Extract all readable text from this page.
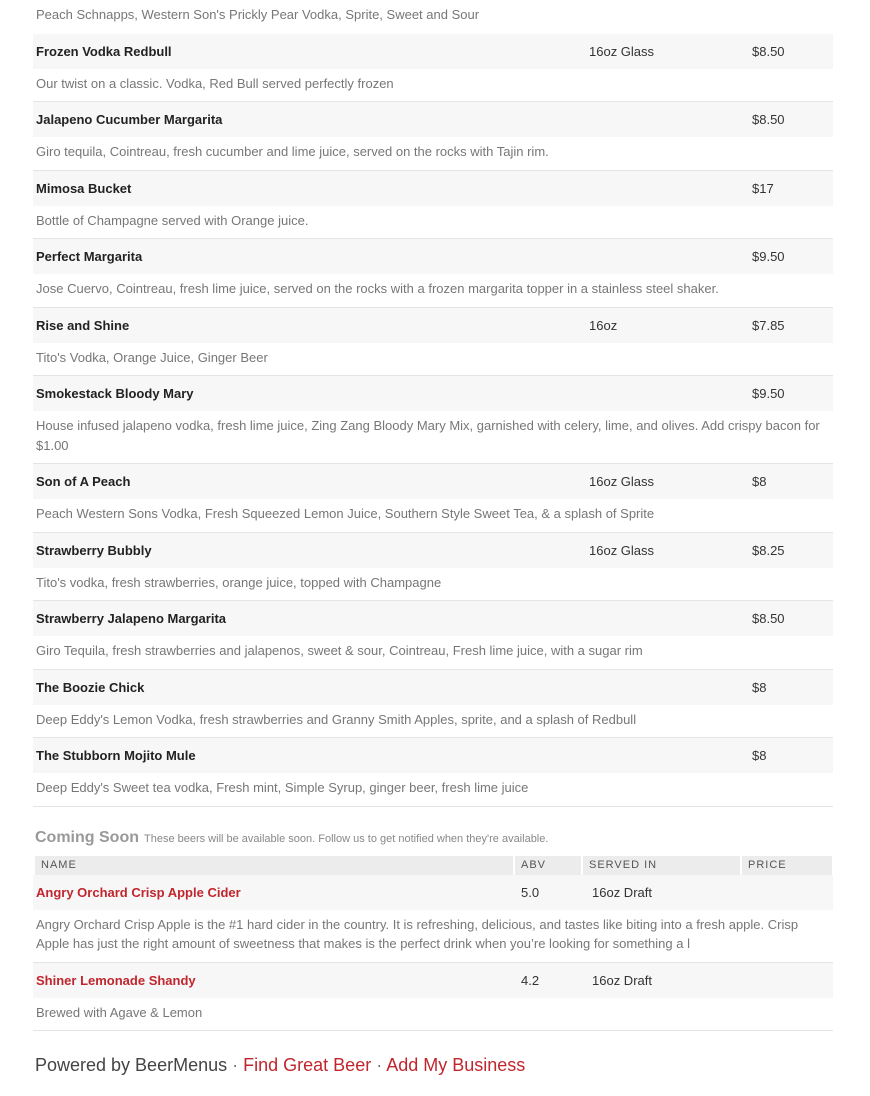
Peach Schnapps, Western Son's Prickly Pear Vodka, Sprite, Sweet and Sour
Frozen Vodka Redbull	16oz Glass	$8.50
Our twist on a classic. Vodka, Red Bull served perfectly frozen
Jalapeno Cucumber Margarita	$8.50
Giro tequila, Cointreau, fresh cucumber and lime juice, served on the rocks with Tajin rim.
Mimosa Bucket	$17
Bottle of Champagne served with Orange juice.
Perfect Margarita	$9.50
Jose Cuervo, Cointreau, fresh lime juice, served on the rocks with a frozen margarita topper in a stainless steel shaker.
Rise and Shine	16oz	$7.85
Tito's Vodka, Orange Juice, Ginger Beer
Smokestack Bloody Mary	$9.50
House infused jalapeno vodka, fresh lime juice, Zing Zang Bloody Mary Mix, garnished with celery, lime, and olives. Add crispy bacon for $1.00
Son of A Peach	16oz Glass	$8
Peach Western Sons Vodka, Fresh Squeezed Lemon Juice, Southern Style Sweet Tea, & a splash of Sprite
Strawberry Bubbly	16oz Glass	$8.25
Tito's vodka, fresh strawberries, orange juice, topped with Champagne
Strawberry Jalapeno Margarita	$8.50
Giro Tequila, fresh strawberries and jalapenos, sweet & sour, Cointreau, Fresh lime juice, with a sugar rim
The Boozie Chick	$8
Deep Eddy's Lemon Vodka, fresh strawberries and Granny Smith Apples, sprite, and a splash of Redbull
The Stubborn Mojito Mule	$8
Deep Eddy's Sweet tea vodka, Fresh mint, Simple Syrup, ginger beer, fresh lime juice
Coming Soon These beers will be available soon. Follow us to get notified when they're available.
NAME	ABV	SERVED IN	PRICE
Angry Orchard Crisp Apple Cider	5.0	16oz Draft
Angry Orchard Crisp Apple is the #1 hard cider in the country. It is refreshing, delicious, and tastes like biting into a fresh apple. Crisp Apple has just the right amount of sweetness that makes is the perfect drink when you’re looking for something a l
Shiner Lemonade Shandy	4.2	16oz Draft
Brewed with Agave & Lemon
Powered by BeerMenus · Find Great Beer · Add My Business
